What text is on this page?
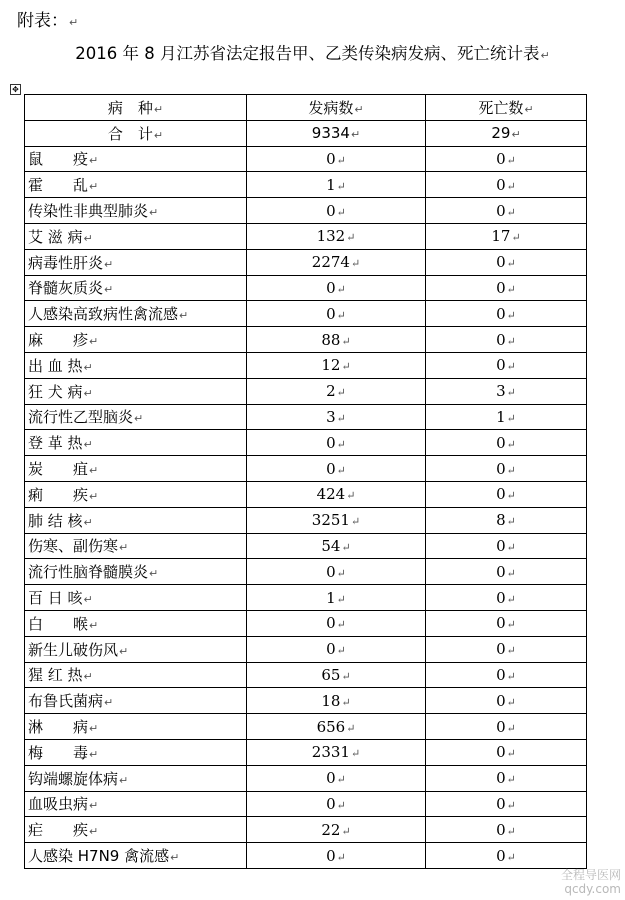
附表：↵
2016 年 8 月江苏省法定报告甲、乙类传染病发病、死亡统计表↵
✥
病　种↵	发病数↵	死亡数↵
合　计↵	9334↵	29↵
鼠　　疫↵	0↵	0↵
霍　　乱↵	1↵	0↵
传染性非典型肺炎↵	0↵	0↵
艾 滋 病↵	132↵	17↵
病毒性肝炎↵	2274↵	0↵
脊髓灰质炎↵	0↵	0↵
人感染高致病性禽流感↵	0↵	0↵
麻　　疹↵	88↵	0↵
出 血 热↵	12↵	0↵
狂 犬 病↵	2↵	3↵
流行性乙型脑炎↵	3↵	1↵
登 革 热↵	0↵	0↵
炭　　疽↵	0↵	0↵
痢　　疾↵	424↵	0↵
肺 结 核↵	3251↵	8↵
伤寒、副伤寒↵	54↵	0↵
流行性脑脊髓膜炎↵	0↵	0↵
百 日 咳↵	1↵	0↵
白　　喉↵	0↵	0↵
新生儿破伤风↵	0↵	0↵
猩 红 热↵	65↵	0↵
布鲁氏菌病↵	18↵	0↵
淋　　病↵	656↵	0↵
梅　　毒↵	2331↵	0↵
钩端螺旋体病↵	0↵	0↵
血吸虫病↵	0↵	0↵
疟　　疾↵	22↵	0↵
人感染 H7N9 禽流感↵	0↵	0↵
全程导医网
qcdy.com
